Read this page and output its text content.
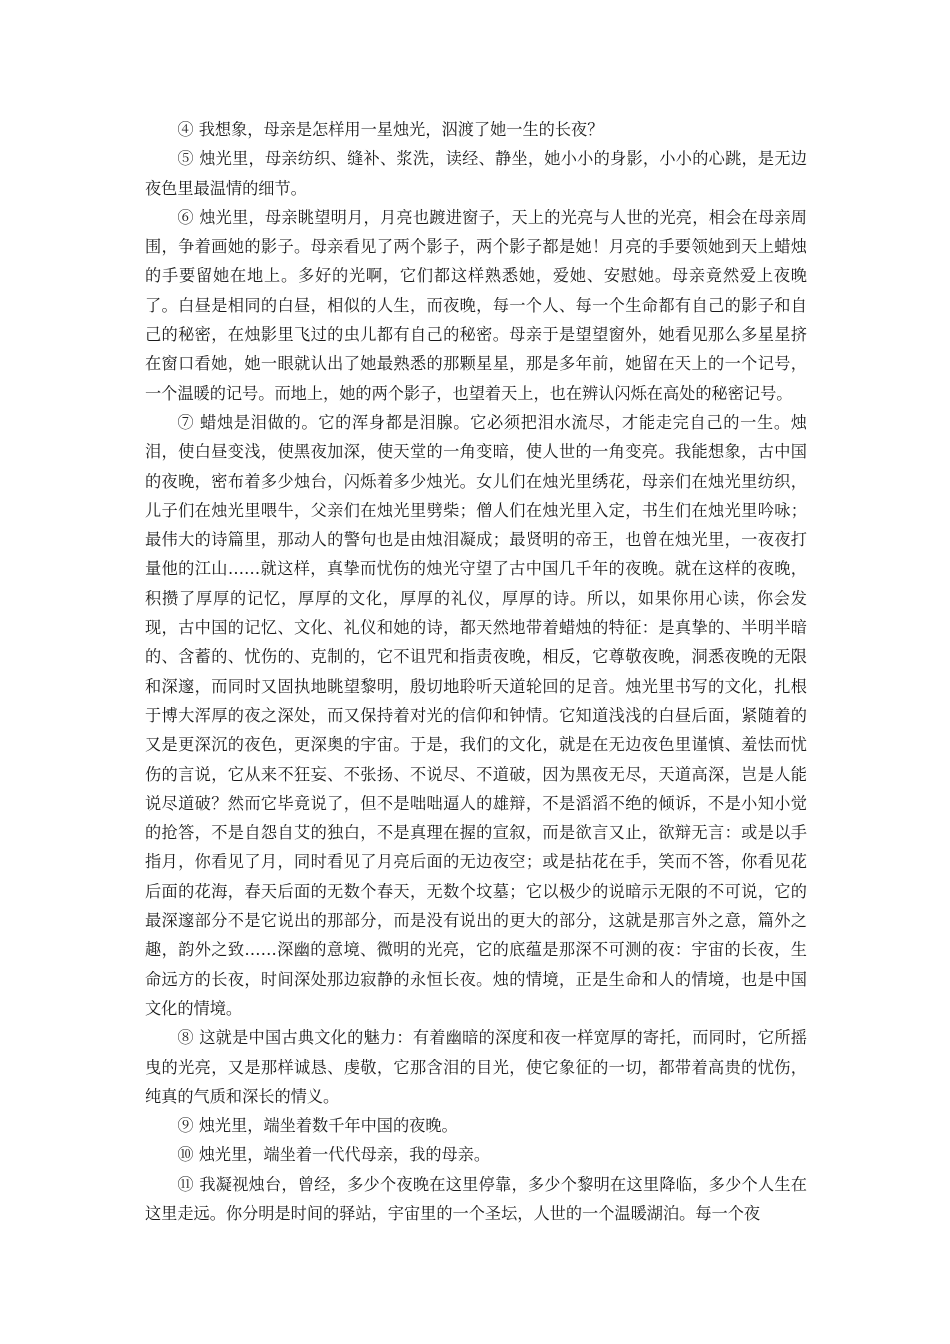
④ 我想象，母亲是怎样用一星烛光，泅渡了她一生的长夜？

⑤ 烛光里，母亲纺织、缝补、浆洗，读经、静坐，她小小的身影，小小的心跳，是无边夜色里最温情的细节。

⑥ 烛光里，母亲眺望明月，月亮也踱进窗子，天上的光亮与人世的光亮，相会在母亲周围，争着画她的影子。母亲看见了两个影子，两个影子都是她！月亮的手要领她到天上蜡烛的手要留她在地上。多好的光啊，它们都这样熟悉她，爱她、安慰她。母亲竟然爱上夜晚了。白昼是相同的白昼，相似的人生，而夜晚，每一个人、每一个生命都有自己的影子和自己的秘密，在烛影里飞过的虫儿都有自己的秘密。母亲于是望望窗外，她看见那么多星星挤在窗口看她，她一眼就认出了她最熟悉的那颗星星，那是多年前，她留在天上的一个记号，一个温暖的记号。而地上，她的两个影子，也望着天上，也在辨认闪烁在高处的秘密记号。

⑦ 蜡烛是泪做的。它的浑身都是泪腺。它必须把泪水流尽，才能走完自己的一生。烛泪，使白昼变浅，使黑夜加深，使天堂的一角变暗，使人世的一角变亮。我能想象，古中国的夜晚，密布着多少烛台，闪烁着多少烛光。女儿们在烛光里绣花，母亲们在烛光里纺织，儿子们在烛光里喂牛，父亲们在烛光里劈柴；僧人们在烛光里入定，书生们在烛光里吟咏；最伟大的诗篇里，那动人的警句也是由烛泪凝成；最贤明的帝王，也曾在烛光里，一夜夜打量他的江山……就这样，真挚而忧伤的烛光守望了古中国几千年的夜晚。就在这样的夜晚，积攒了厚厚的记忆，厚厚的文化，厚厚的礼仪，厚厚的诗。所以，如果你用心读，你会发现，古中国的记忆、文化、礼仪和她的诗，都天然地带着蜡烛的特征：是真挚的、半明半暗的、含蓄的、忧伤的、克制的，它不诅咒和指责夜晚，相反，它尊敬夜晚，洞悉夜晚的无限和深邃，而同时又固执地眺望黎明，殷切地聆听天道轮回的足音。烛光里书写的文化，扎根于博大浑厚的夜之深处，而又保持着对光的信仰和钟情。它知道浅浅的白昼后面，紧随着的又是更深沉的夜色，更深奥的宇宙。于是，我们的文化，就是在无边夜色里谨慎、羞怯而忧伤的言说，它从来不狂妄、不张扬、不说尽、不道破，因为黑夜无尽，天道高深，岂是人能说尽道破？然而它毕竟说了，但不是咄咄逼人的雄辩，不是滔滔不绝的倾诉，不是小知小觉的抢答，不是自怨自艾的独白，不是真理在握的宣叙，而是欲言又止，欲辩无言：或是以手指月，你看见了月，同时看见了月亮后面的无边夜空；或是拈花在手，笑而不答，你看见花后面的花海，春天后面的无数个春天，无数个坟墓；它以极少的说暗示无限的不可说，它的最深邃部分不是它说出的那部分，而是没有说出的更大的部分，这就是那言外之意，篇外之趣，韵外之致……深幽的意境、微明的光亮，它的底蕴是那深不可测的夜：宇宙的长夜，生命远方的长夜，时间深处那边寂静的永恒长夜。烛的情境，正是生命和人的情境，也是中国文化的情境。

⑧ 这就是中国古典文化的魅力：有着幽暗的深度和夜一样宽厚的寄托，而同时，它所摇曳的光亮，又是那样诚恳、虔敬，它那含泪的目光，使它象征的一切，都带着高贵的忧伤，纯真的气质和深长的情义。

⑨ 烛光里，端坐着数千年中国的夜晚。

⑩ 烛光里，端坐着一代代母亲，我的母亲。

⑪ 我凝视烛台，曾经，多少个夜晚在这里停靠，多少个黎明在这里降临，多少个人生在这里走远。你分明是时间的驿站，宇宙里的一个圣坛，人世的一个温暖湖泊。每一个夜
